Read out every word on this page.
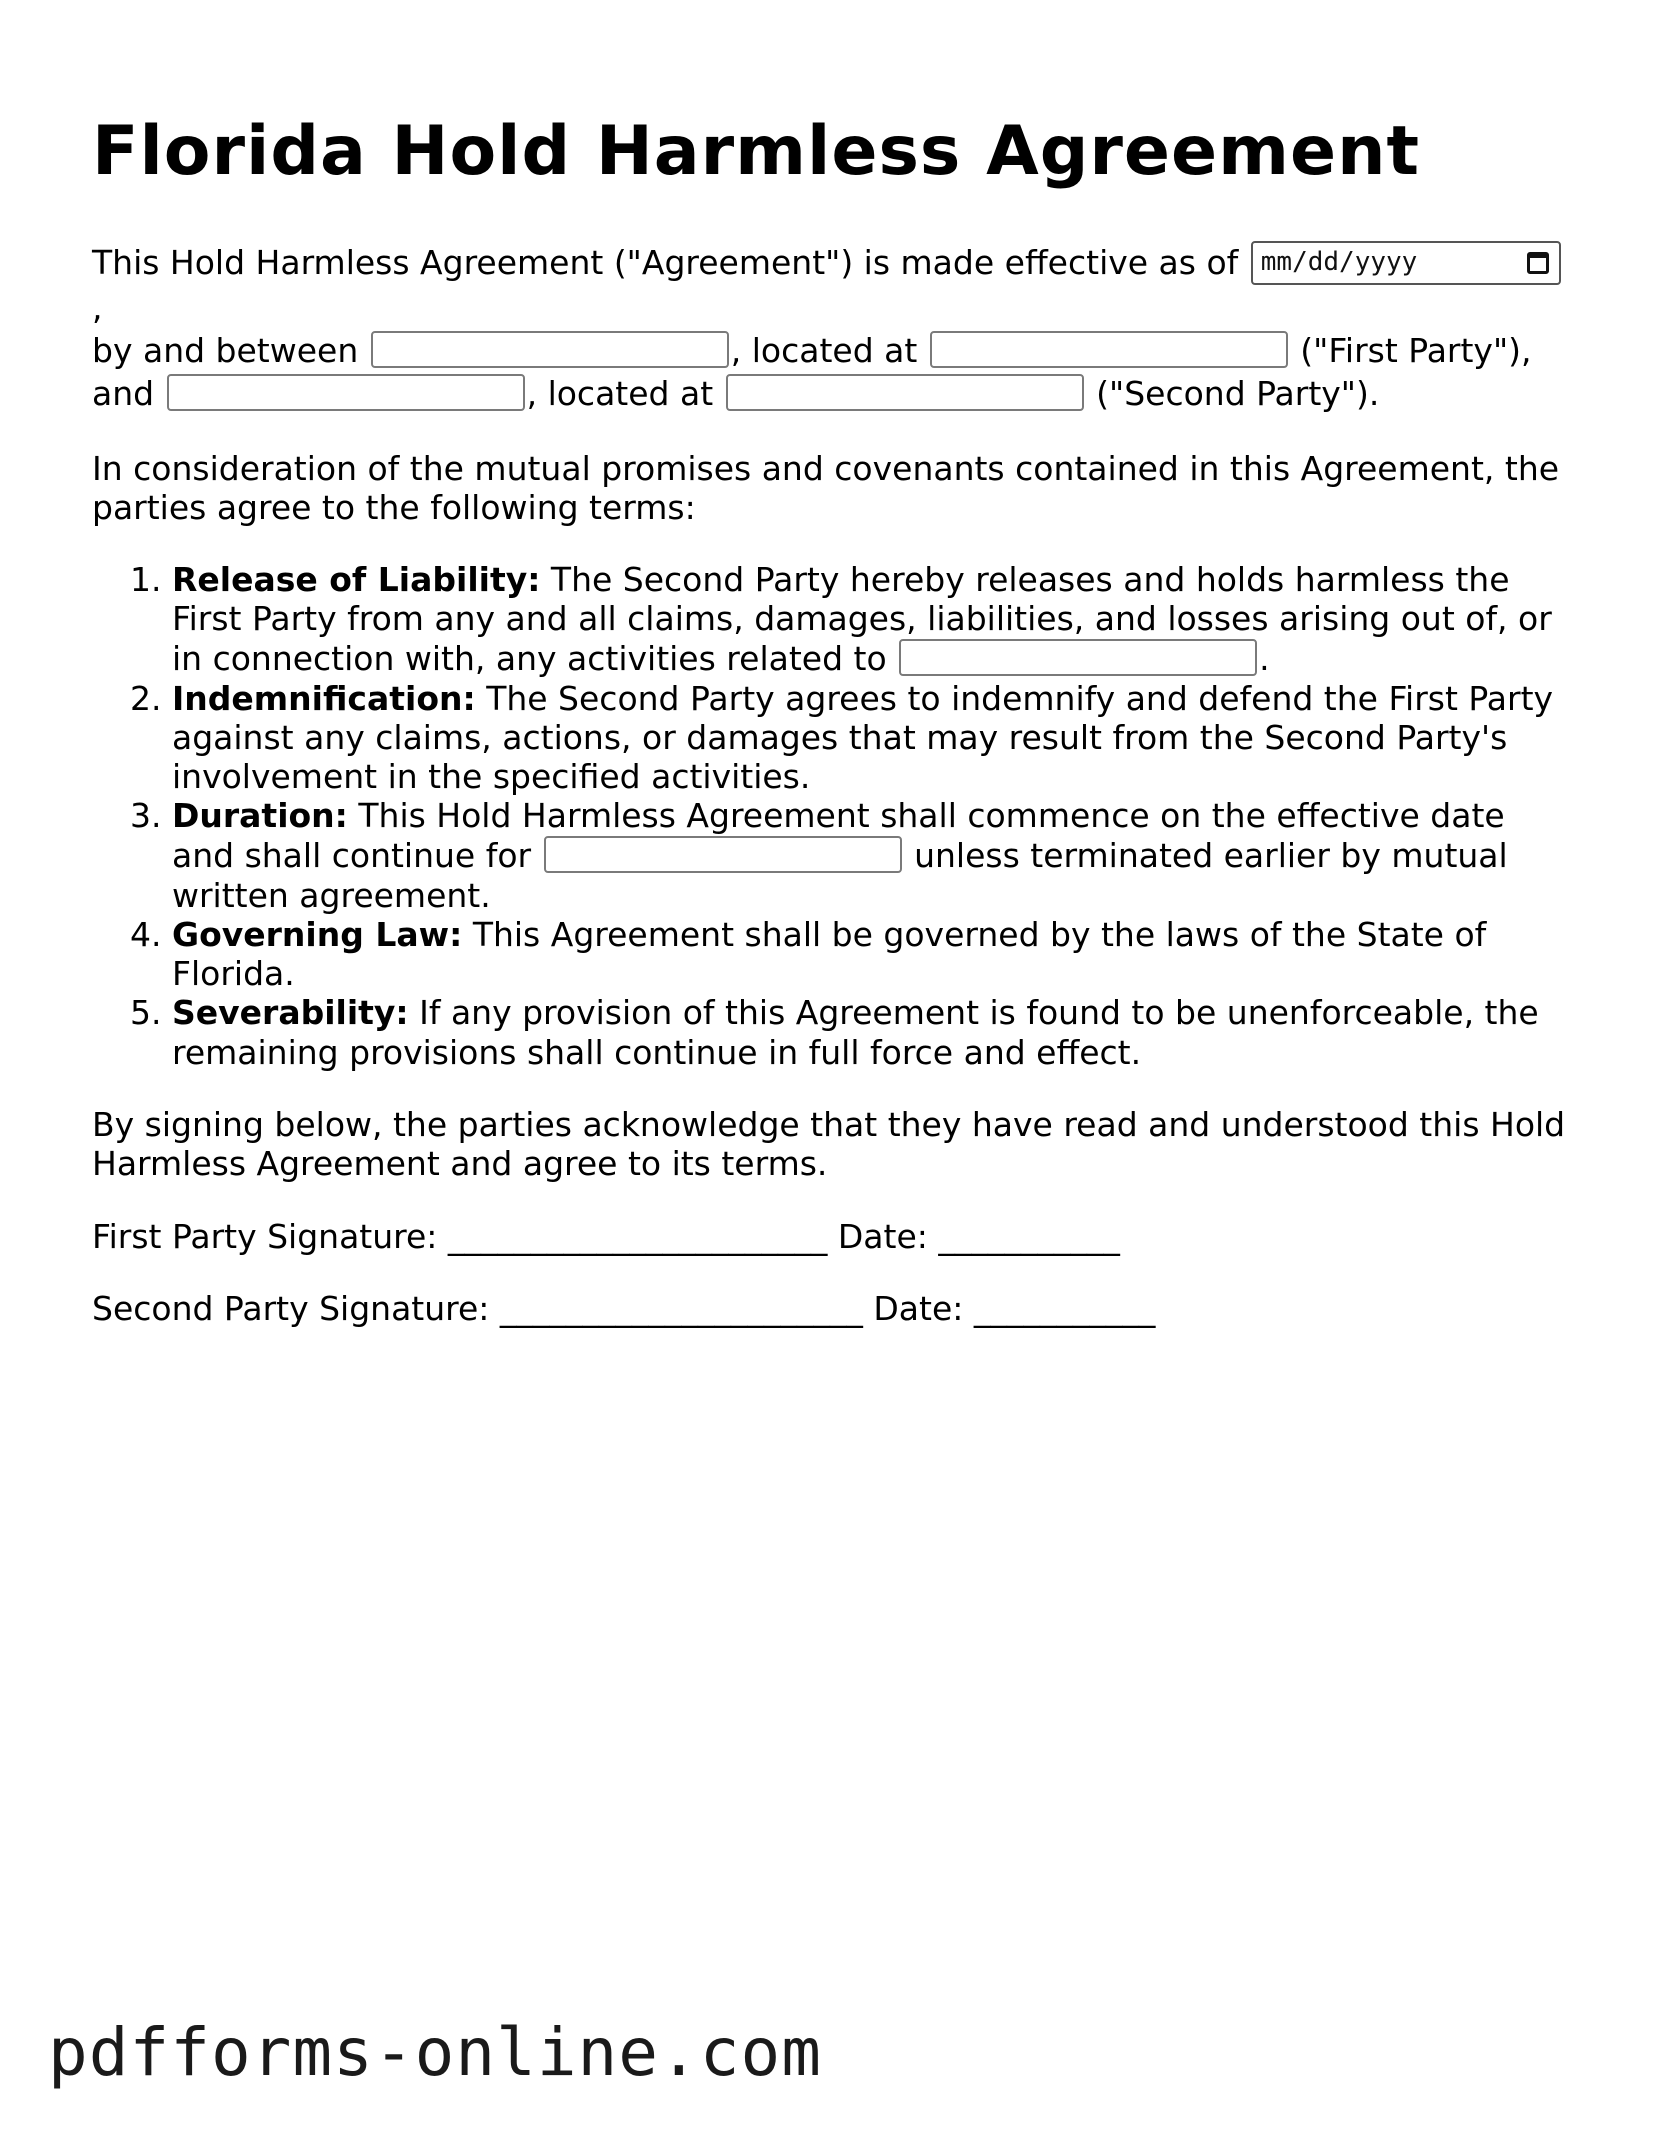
Florida Hold Harmless Agreement

This Hold Harmless Agreement ("Agreement") is made effective as of mm/dd/yyyy
,
by and between	, located at	("First Party"),
and	, located at	("Second Party").

In consideration of the mutual promises and covenants contained in this Agreement, the parties agree to the following terms:

1. Release of Liability: The Second Party hereby releases and holds harmless the First Party from any and all claims, damages, liabilities, and losses arising out of, or in connection with, any activities related to	.
2. Indemnification: The Second Party agrees to indemnify and defend the First Party against any claims, actions, or damages that may result from the Second Party's involvement in the specified activities.
3. Duration: This Hold Harmless Agreement shall commence on the effective date and shall continue for	unless terminated earlier by mutual written agreement.
4. Governing Law: This Agreement shall be governed by the laws of the State of Florida.
5. Severability: If any provision of this Agreement is found to be unenforceable, the remaining provisions shall continue in full force and effect.

By signing below, the parties acknowledge that they have read and understood this Hold Harmless Agreement and agree to its terms.

First Party Signature: _______________________ Date: ___________

Second Party Signature: ______________________ Date: ___________

pdfforms-online.com
